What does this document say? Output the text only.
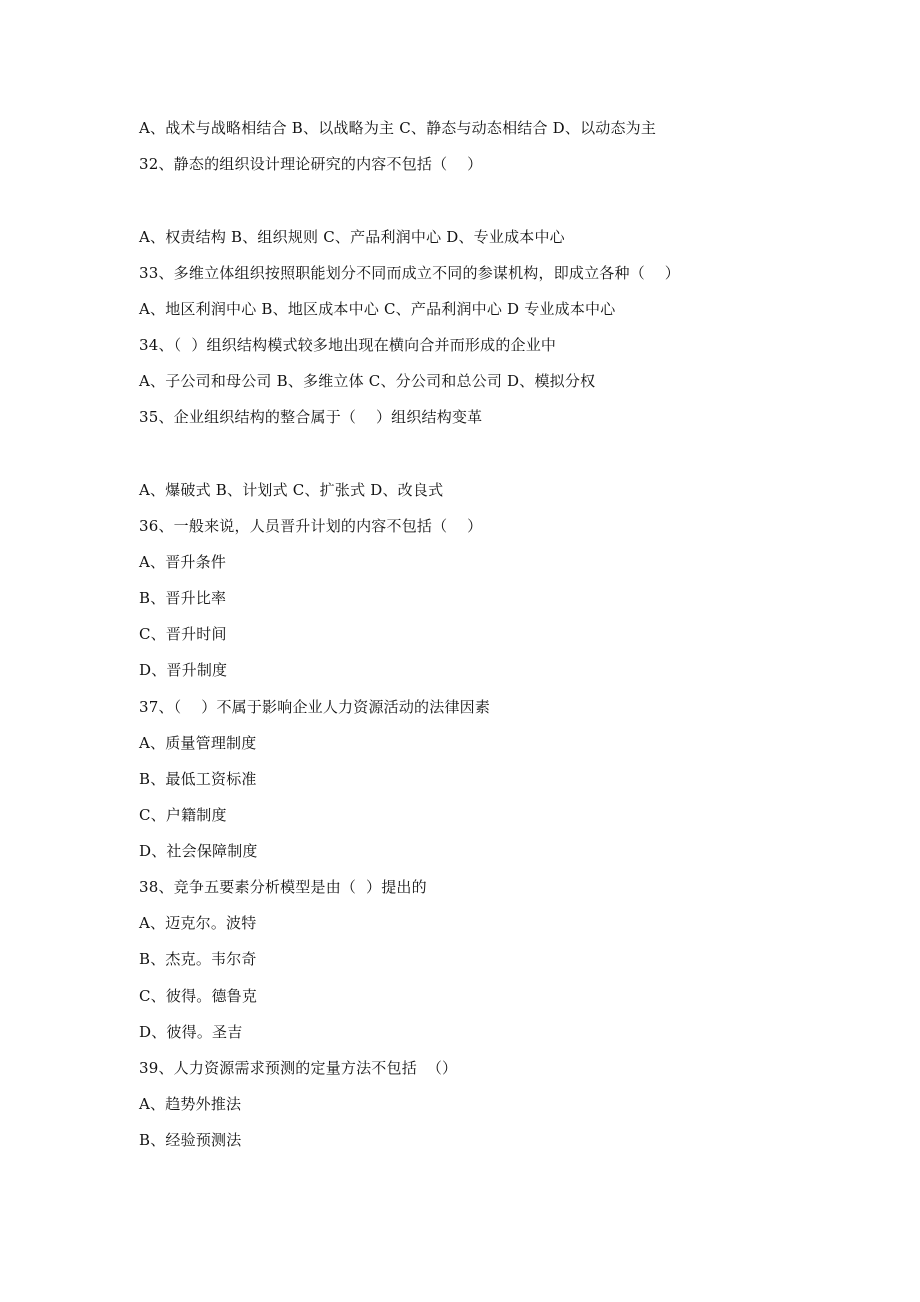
A、战术与战略相结合 B、以战略为主 C、静态与动态相结合 D、以动态为主
32、静态的组织设计理论研究的内容不包括（    ）
A、权责结构 B、组织规则 C、产品利润中心 D、专业成本中心
33、多维立体组织按照职能划分不同而成立不同的参谋机构，即成立各种（    ）
A、地区利润中心 B、地区成本中心 C、产品利润中心 D 专业成本中心
34、（  ）组织结构模式较多地出现在横向合并而形成的企业中
A、子公司和母公司 B、多维立体 C、分公司和总公司 D、模拟分权
35、企业组织结构的整合属于（    ）组织结构变革
A、爆破式 B、计划式 C、扩张式 D、改良式
36、一般来说，人员晋升计划的内容不包括（    ）
A、晋升条件
B、晋升比率
C、晋升时间
D、晋升制度
37、（    ）不属于影响企业人力资源活动的法律因素
A、质量管理制度
B、最低工资标准
C、户籍制度
D、社会保障制度
38、竞争五要素分析模型是由（  ）提出的
A、迈克尔。波特
B、杰克。韦尔奇
C、彼得。德鲁克
D、彼得。圣吉
39、人力资源需求预测的定量方法不包括  （）
A、趋势外推法
B、经验预测法
